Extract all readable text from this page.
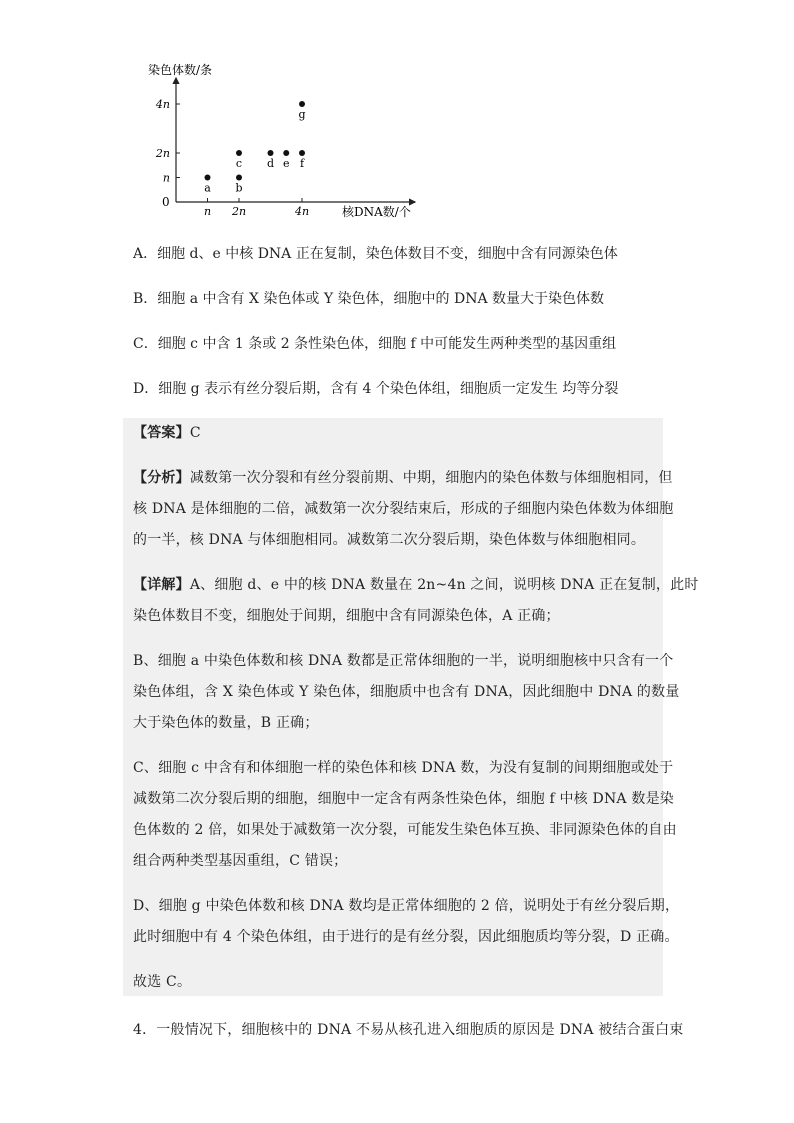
染色体数/条
核DNA数/个
0
n 2n	4n
n
2n
4n
a b
c d e f
g
A．细胞 d、e 中核 DNA 正在复制，染色体数目不变，细胞中含有同源染色体
B．细胞 a 中含有 X 染色体或 Y 染色体，细胞中的 DNA 数量大于染色体数
C．细胞 c 中含 1 条或 2 条性染色体，细胞 f 中可能发生两种类型的基因重组
D．细胞 g 表示有丝分裂后期，含有 4 个染色体组，细胞质一定发生 均等分裂
【答案】C
【分析】减数第一次分裂和有丝分裂前期、中期，细胞内的染色体数与体细胞相同，但
核 DNA 是体细胞的二倍，减数第一次分裂结束后，形成的子细胞内染色体数为体细胞
的一半，核 DNA 与体细胞相同。减数第二次分裂后期，染色体数与体细胞相同。
【详解】A、细胞 d、e 中的核 DNA 数量在 2n~4n 之间，说明核 DNA 正在复制，此时
染色体数目不变，细胞处于间期，细胞中含有同源染色体，A 正确；
B、细胞 a 中染色体数和核 DNA 数都是正常体细胞的一半，说明细胞核中只含有一个
染色体组，含 X 染色体或 Y 染色体，细胞质中也含有 DNA，因此细胞中 DNA 的数量
大于染色体的数量，B 正确；
C、细胞 c 中含有和体细胞一样的染色体和核 DNA 数，为没有复制的间期细胞或处于
减数第二次分裂后期的细胞，细胞中一定含有两条性染色体，细胞 f 中核 DNA 数是染
色体数的 2 倍，如果处于减数第一次分裂，可能发生染色体互换、非同源染色体的自由
组合两种类型基因重组，C 错误；
D、细胞 g 中染色体数和核 DNA 数均是正常体细胞的 2 倍，说明处于有丝分裂后期，
此时细胞中有 4 个染色体组，由于进行的是有丝分裂，因此细胞质均等分裂，D 正确。
故选 C。
4．一般情况下，细胞核中的 DNA 不易从核孔进入细胞质的原因是 DNA 被结合蛋白束
